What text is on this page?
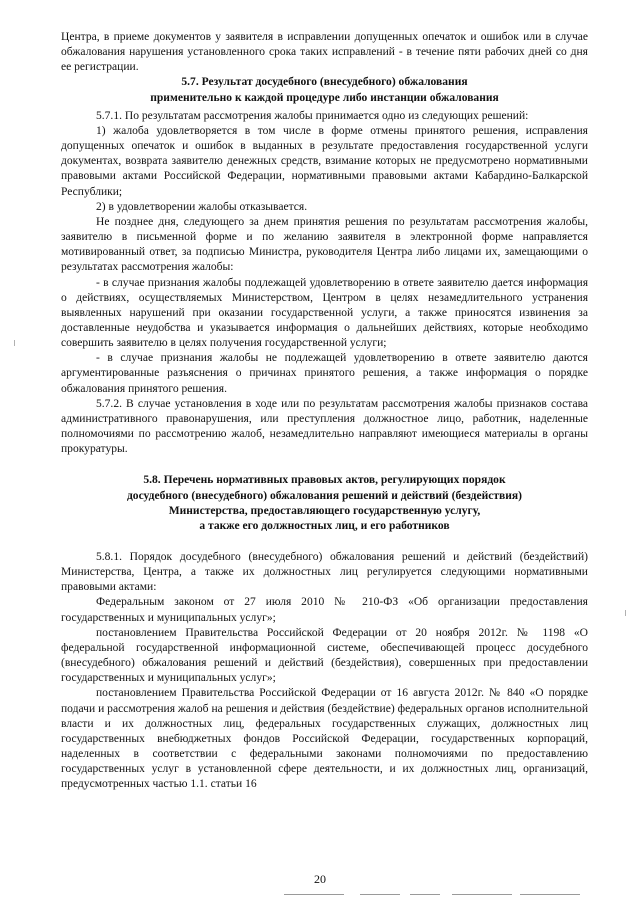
Центра, в приеме документов у заявителя в исправлении допущенных опечаток и ошибок или в случае обжалования нарушения установленного срока таких исправлений - в течение пяти рабочих дней со дня ее регистрации.

5.7. Результат досудебного (внесудебного) обжалования

применительно к каждой процедуре либо инстанции обжалования

5.7.1. По результатам рассмотрения жалобы принимается одно из следующих решений:

1) жалоба удовлетворяется в том числе в форме отмены принятого решения, исправления допущенных опечаток и ошибок в выданных в результате предоставления государственной услуги документах, возврата заявителю денежных средств, взимание которых не предусмотрено нормативными правовыми актами Российской Федерации, нормативными правовыми актами Кабардино-Балкарской Республики;

2) в удовлетворении жалобы отказывается.

Не позднее дня, следующего за днем принятия решения по результатам рассмотрения жалобы, заявителю в письменной форме и по желанию заявителя в электронной форме направляется мотивированный ответ, за подписью Министра, руководителя Центра либо лицами их, замещающими о результатах рассмотрения жалобы:

- в случае признания жалобы подлежащей удовлетворению в ответе заявителю дается информация о действиях, осуществляемых Министерством, Центром в целях незамедлительного устранения выявленных нарушений при оказании государственной услуги, а также приносятся извинения за доставленные неудобства и указывается информация о дальнейших действиях, которые необходимо совершить заявителю в целях получения государственной услуги;

- в случае признания жалобы не подлежащей удовлетворению в ответе заявителю даются аргументированные разъяснения о причинах принятого решения, а также информация о порядке обжалования принятого решения.

5.7.2. В случае установления в ходе или по результатам рассмотрения жалобы признаков состава административного правонарушения, или преступления должностное лицо, работник, наделенные полномочиями по рассмотрению жалоб, незамедлительно направляют имеющиеся материалы в органы прокуратуры.

5.8. Перечень нормативных правовых актов, регулирующих порядок

досудебного (внесудебного) обжалования решений и действий (бездействия)

Министерства, предоставляющего государственную услугу,

а также его должностных лиц, и его работников

5.8.1. Порядок досудебного (внесудебного) обжалования решений и действий (бездействий) Министерства, Центра, а также их должностных лиц регулируется следующими нормативными правовыми актами:

Федеральным законом от 27 июля 2010 № 210-ФЗ «Об организации предоставления государственных и муниципальных услуг»;

постановлением Правительства Российской Федерации от 20 ноября 2012г. № 1198 «О федеральной государственной информационной системе, обеспечивающей процесс досудебного (внесудебного) обжалования решений и действий (бездействия), совершенных при предоставлении государственных и муниципальных услуг»;

постановлением Правительства Российской Федерации от 16 августа 2012г. № 840 «О порядке подачи и рассмотрения жалоб на решения и действия (бездействие) федеральных органов исполнительной власти и их должностных лиц, федеральных государственных служащих, должностных лиц государственных внебюджетных фондов Российской Федерации, государственных корпораций, наделенных в соответствии с федеральными законами полномочиями по предоставлению государственных услуг в установленной сфере деятельности, и их должностных лиц, организаций, предусмотренных частью 1.1. статьи 16

20
